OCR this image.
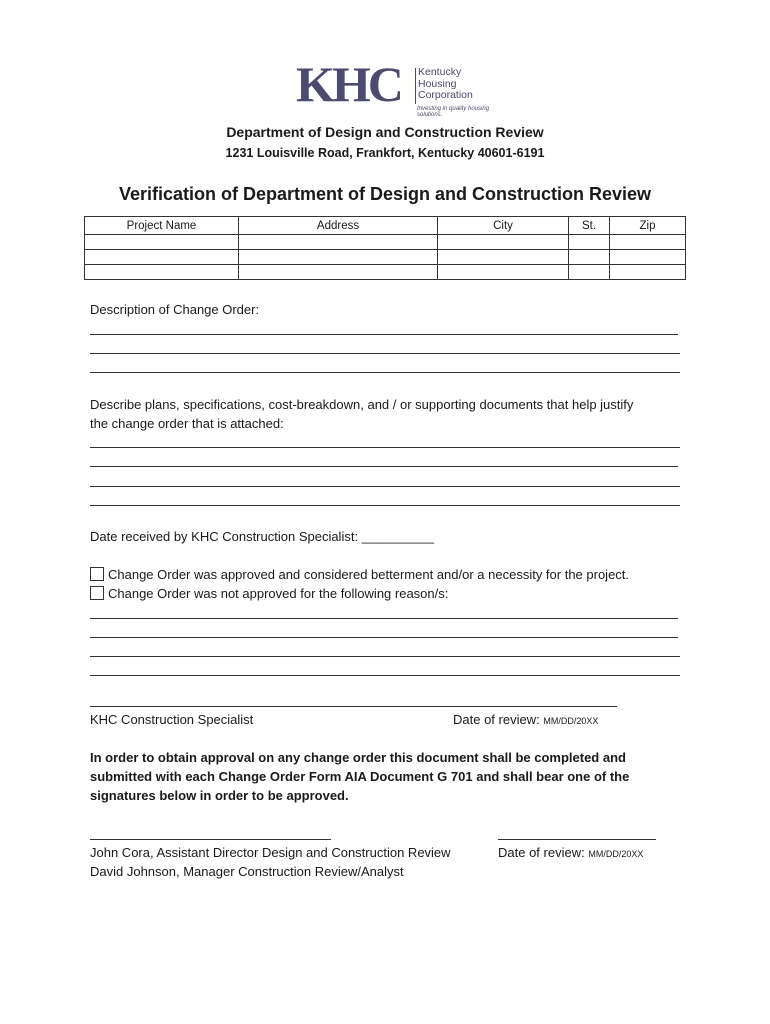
KHC Kentucky
Housing
Corporation
Investing in quality housing solutions.
Department of Design and Construction Review
1231 Louisville Road, Frankfort, Kentucky 40601-6191
Verification of Department of Design and Construction Review
Project Name	Address	City	St.	Zip

Description of Change Order:
Describe plans, specifications, cost-breakdown, and / or supporting documents that help justify
the change order that is attached:
Date received by KHC Construction Specialist: __________
Change Order was approved and considered betterment and/or a necessity for the project.
Change Order was not approved for the following reason/s:
KHC Construction Specialist	Date of review: MM/DD/20XX
In order to obtain approval on any change order this document shall be completed and
submitted with each Change Order Form AIA Document G 701 and shall bear one of the
signatures below in order to be approved.
John Cora, Assistant Director Design and Construction Review
David Johnson, Manager Construction Review/Analyst
Date of review: MM/DD/20XX
